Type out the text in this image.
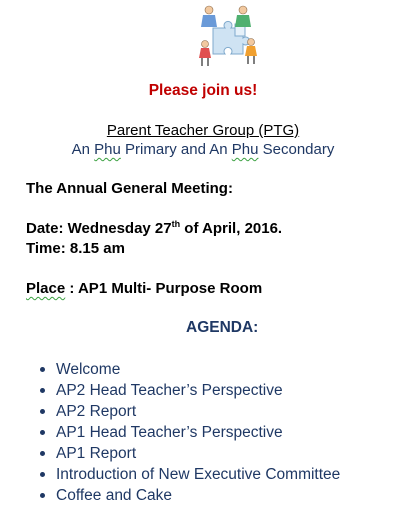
Please join us!
Parent Teacher Group (PTG)
An Phu Primary and An Phu Secondary
The Annual General Meeting:
Date: Wednesday 27th of April, 2016.
Time: 8.15 am
Place : AP1 Multi- Purpose Room
AGENDA:
Welcome
AP2 Head Teacher’s Perspective
AP2 Report
AP1 Head Teacher’s Perspective
AP1 Report
Introduction of New Executive Committee
Coffee and Cake
